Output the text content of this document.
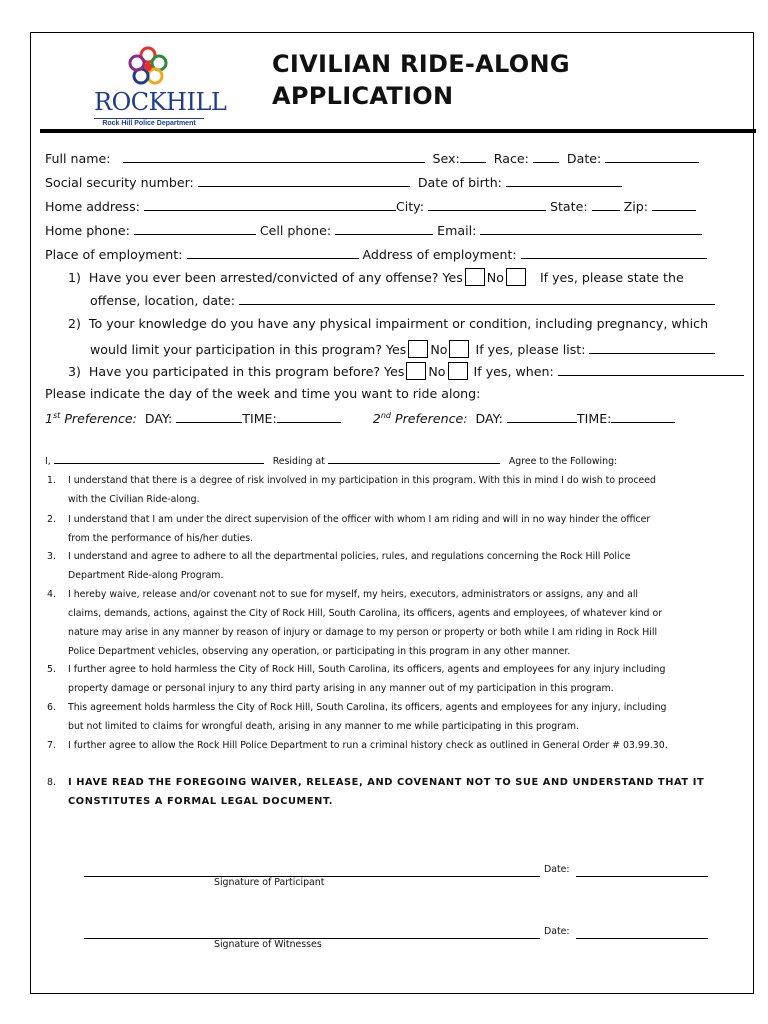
ROCKHILL
Rock Hill Police Department
CIVILIAN RIDE-ALONG
APPLICATION
Full name:	Sex:	Race:	Date:
Social security number:	Date of birth:
Home address:	City:	State:	Zip:
Home phone:	Cell phone:	Email:
Place of employment:	Address of employment:
1)  Have you ever been arrested/convicted of any offense? Yes No	If yes, please state the
offense, location, date:
2)  To your knowledge do you have any physical impairment or condition, including pregnancy, which
would limit your participation in this program? Yes No If yes, please list:
3)  Have you participated in this program before? Yes No If yes, when:
Please indicate the day of the week and time you want to ride along:
1st Preference: DAY:	TIME:	2nd Preference: DAY:	TIME:
I,	Residing at	Agree to the Following:
1. I understand that there is a degree of risk involved in my participation in this program. With this in mind I do wish to proceed
with the Civilian Ride-along.
2. I understand that I am under the direct supervision of the officer with whom I am riding and will in no way hinder the officer
from the performance of his/her duties.
3. I understand and agree to adhere to all the departmental policies, rules, and regulations concerning the Rock Hill Police
Department Ride-along Program.
4. I hereby waive, release and/or covenant not to sue for myself, my heirs, executors, administrators or assigns, any and all
claims, demands, actions, against the City of Rock Hill, South Carolina, its officers, agents and employees, of whatever kind or
nature may arise in any manner by reason of injury or damage to my person or property or both while I am riding in Rock Hill
Police Department vehicles, observing any operation, or participating in this program in any other manner.
5. I further agree to hold harmless the City of Rock Hill, South Carolina, its officers, agents and employees for any injury including
property damage or personal injury to any third party arising in any manner out of my participation in this program.
6. This agreement holds harmless the City of Rock Hill, South Carolina, its officers, agents and employees for any injury, including
but not limited to claims for wrongful death, arising in any manner to me while participating in this program.
7. I further agree to allow the Rock Hill Police Department to run a criminal history check as outlined in General Order # 03.99.30.
8. I HAVE READ THE FOREGOING WAIVER, RELEASE, AND COVENANT NOT TO SUE AND UNDERSTAND THAT IT
CONSTITUTES A FORMAL LEGAL DOCUMENT.
Date:
Signature of Participant
Date:
Signature of Witnesses
